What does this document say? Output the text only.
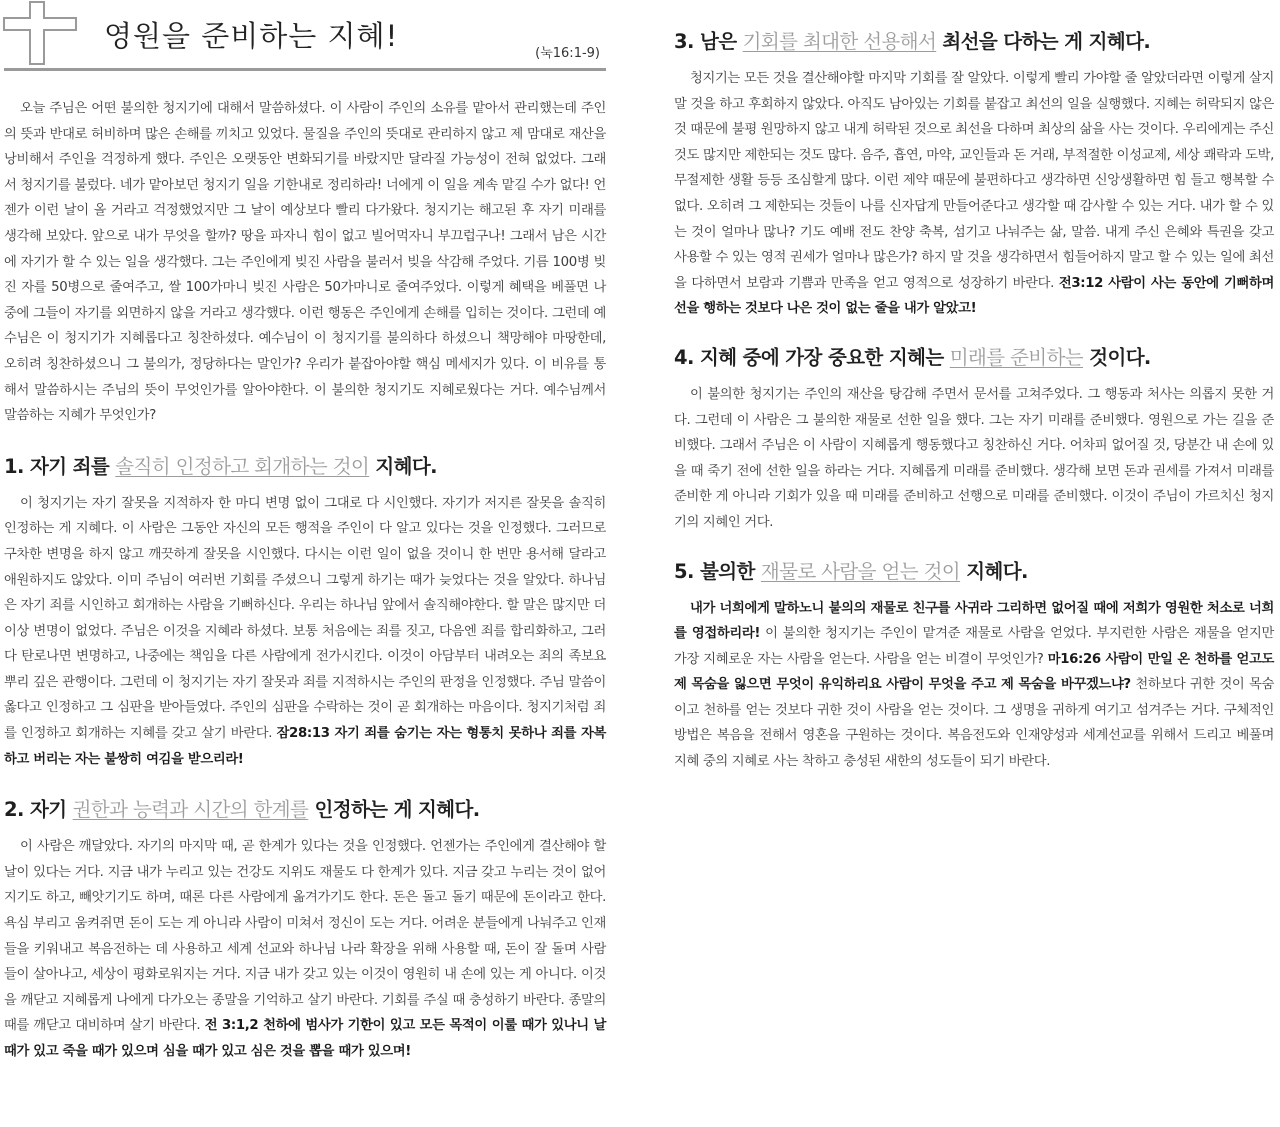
영원을 준비하는 지혜!
(눅16:1-9)

오늘 주님은 어떤 불의한 청지기에 대해서 말씀하셨다. 이 사람이 주인의 소유를 맡아서 관리했는데 주인의 뜻과 반대로 허비하며 많은 손해를 끼치고 있었다. 물질을 주인의 뜻대로 관리하지 않고 제 맘대로 재산을 낭비해서 주인을 걱정하게 했다. 주인은 오랫동안 변화되기를 바랐지만 달라질 가능성이 전혀 없었다. 그래서 청지기를 불렀다. 네가 맡아보던 청지기 일을 기한내로 정리하라! 너에게 이 일을 계속 맡길 수가 없다! 언젠가 이런 날이 올 거라고 걱정했었지만 그 날이 예상보다 빨리 다가왔다. 청지기는 해고된 후 자기 미래를 생각해 보았다. 앞으로 내가 무엇을 할까? 땅을 파자니 힘이 없고 빌어먹자니 부끄럽구나! 그래서 남은 시간에 자기가 할 수 있는 일을 생각했다. 그는 주인에게 빚진 사람을 불러서 빚을 삭감해 주었다. 기름 100병 빚진 자를 50병으로 줄여주고, 쌀 100가마니 빚진 사람은 50가마니로 줄여주었다. 이렇게 혜택을 베풀면 나중에 그들이 자기를 외면하지 않을 거라고 생각했다. 이런 행동은 주인에게 손해를 입히는 것이다. 그런데 예수님은 이 청지기가 지혜롭다고 칭찬하셨다. 예수님이 이 청지기를 불의하다 하셨으니 책망해야 마땅한데, 오히려 칭찬하셨으니 그 불의가, 정당하다는 말인가? 우리가 붙잡아야할 핵심 메세지가 있다. 이 비유를 통해서 말씀하시는 주님의 뜻이 무엇인가를 알아야한다. 이 불의한 청지기도 지혜로웠다는 거다. 예수님께서 말씀하는 지혜가 무엇인가?

1. 자기 죄를 솔직히 인정하고 회개하는 것이 지혜다.

이 청지기는 자기 잘못을 지적하자 한 마디 변명 없이 그대로 다 시인했다. 자기가 저지른 잘못을 솔직히 인정하는 게 지혜다. 이 사람은 그동안 자신의 모든 행적을 주인이 다 알고 있다는 것을 인정했다. 그러므로 구차한 변명을 하지 않고 깨끗하게 잘못을 시인했다. 다시는 이런 일이 없을 것이니 한 번만 용서해 달라고 애원하지도 않았다. 이미 주님이 여러번 기회를 주셨으니 그렇게 하기는 때가 늦었다는 것을 알았다. 하나님은 자기 죄를 시인하고 회개하는 사람을 기뻐하신다. 우리는 하나님 앞에서 솔직해야한다. 할 말은 많지만 더 이상 변명이 없었다. 주님은 이것을 지혜라 하셨다. 보통 처음에는 죄를 짓고, 다음엔 죄를 합리화하고, 그러다 탄로나면 변명하고, 나중에는 책임을 다른 사람에게 전가시킨다. 이것이 아담부터 내려오는 죄의 족보요 뿌리 깊은 관행이다. 그런데 이 청지기는 자기 잘못과 죄를 지적하시는 주인의 판정을 인정했다. 주님 말씀이 옳다고 인정하고 그 심판을 받아들였다. 주인의 심판을 수락하는 것이 곧 회개하는 마음이다. 청지기처럼 죄를 인정하고 회개하는 지혜를 갖고 살기 바란다. 잠28:13 자기 죄를 숨기는 자는 형통치 못하나 죄를 자복하고 버리는 자는 불쌍히 여김을 받으리라!

2. 자기 권한과 능력과 시간의 한계를 인정하는 게 지혜다.

이 사람은 깨달았다. 자기의 마지막 때, 곧 한계가 있다는 것을 인정했다. 언젠가는 주인에게 결산해야 할 날이 있다는 거다. 지금 내가 누리고 있는 건강도 지위도 재물도 다 한계가 있다. 지금 갖고 누리는 것이 없어지기도 하고, 빼앗기기도 하며, 때론 다른 사람에게 옮겨가기도 한다. 돈은 돌고 돌기 때문에 돈이라고 한다. 욕심 부리고 움켜쥐면 돈이 도는 게 아니라 사람이 미쳐서 정신이 도는 거다. 어려운 분들에게 나눠주고 인재들을 키워내고 복음전하는 데 사용하고 세계 선교와 하나님 나라 확장을 위해 사용할 때, 돈이 잘 돌며 사람들이 살아나고, 세상이 평화로워지는 거다. 지금 내가 갖고 있는 이것이 영원히 내 손에 있는 게 아니다. 이것을 깨닫고 지혜롭게 나에게 다가오는 종말을 기억하고 살기 바란다. 기회를 주실 때 충성하기 바란다. 종말의 때를 깨닫고 대비하며 살기 바란다. 전 3:1,2 천하에 범사가 기한이 있고 모든 목적이 이룰 때가 있나니 날 때가 있고 죽을 때가 있으며 심을 때가 있고 심은 것을 뽑을 때가 있으며!

3. 남은 기회를 최대한 선용해서 최선을 다하는 게 지혜다.

청지기는 모든 것을 결산해야할 마지막 기회를 잘 알았다. 이렇게 빨리 가야할 줄 알았더라면 이렇게 살지 말 것을 하고 후회하지 않았다. 아직도 남아있는 기회를 붙잡고 최선의 일을 실행했다. 지혜는 허락되지 않은 것 때문에 불평 원망하지 않고 내게 허락된 것으로 최선을 다하며 최상의 삶을 사는 것이다. 우리에게는 주신 것도 많지만 제한되는 것도 많다. 음주, 흡연, 마약, 교인들과 돈 거래, 부적절한 이성교제, 세상 쾌락과 도박, 무절제한 생활 등등 조심할게 많다. 이런 제약 때문에 불편하다고 생각하면 신앙생활하면 힘 들고 행복할 수 없다. 오히려 그 제한되는 것들이 나를 신자답게 만들어준다고 생각할 때 감사할 수 있는 거다. 내가 할 수 있는 것이 얼마나 많나? 기도 예배 전도 찬양 축복, 섬기고 나눠주는 삶, 말씀. 내게 주신 은혜와 특권을 갖고 사용할 수 있는 영적 권세가 얼마나 많은가? 하지 말 것을 생각하면서 힘들어하지 말고 할 수 있는 일에 최선을 다하면서 보람과 기쁨과 만족을 얻고 영적으로 성장하기 바란다. 전3:12 사람이 사는 동안에 기뻐하며 선을 행하는 것보다 나은 것이 없는 줄을 내가 알았고!

4. 지혜 중에 가장 중요한 지혜는 미래를 준비하는 것이다.

이 불의한 청지기는 주인의 재산을 탕감해 주면서 문서를 고쳐주었다. 그 행동과 처사는 의롭지 못한 거다. 그런데 이 사람은 그 불의한 재물로 선한 일을 했다. 그는 자기 미래를 준비했다. 영원으로 가는 길을 준비했다. 그래서 주님은 이 사람이 지혜롭게 행동했다고 칭찬하신 거다. 어차피 없어질 것, 당분간 내 손에 있을 때 죽기 전에 선한 일을 하라는 거다. 지혜롭게 미래를 준비했다. 생각해 보면 돈과 권세를 가져서 미래를 준비한 게 아니라 기회가 있을 때 미래를 준비하고 선행으로 미래를 준비했다. 이것이 주님이 가르치신 청지기의 지혜인 거다.

5. 불의한 재물로 사람을 얻는 것이 지혜다.

내가 너희에게 말하노니 불의의 재물로 친구를 사귀라 그리하면 없어질 때에 저희가 영원한 처소로 너희를 영접하리라! 이 불의한 청지기는 주인이 맡겨준 재물로 사람을 얻었다. 부지런한 사람은 재물을 얻지만 가장 지혜로운 자는 사람을 얻는다. 사람을 얻는 비결이 무엇인가? 마16:26 사람이 만일 온 천하를 얻고도 제 목숨을 잃으면 무엇이 유익하리요 사람이 무엇을 주고 제 목숨을 바꾸겠느냐? 천하보다 귀한 것이 목숨이고 천하를 얻는 것보다 귀한 것이 사람을 얻는 것이다. 그 생명을 귀하게 여기고 섬겨주는 거다. 구체적인 방법은 복음을 전해서 영혼을 구원하는 것이다. 복음전도와 인재양성과 세계선교를 위해서 드리고 베풀며 지혜 중의 지혜로 사는 착하고 충성된 새한의 성도들이 되기 바란다.
